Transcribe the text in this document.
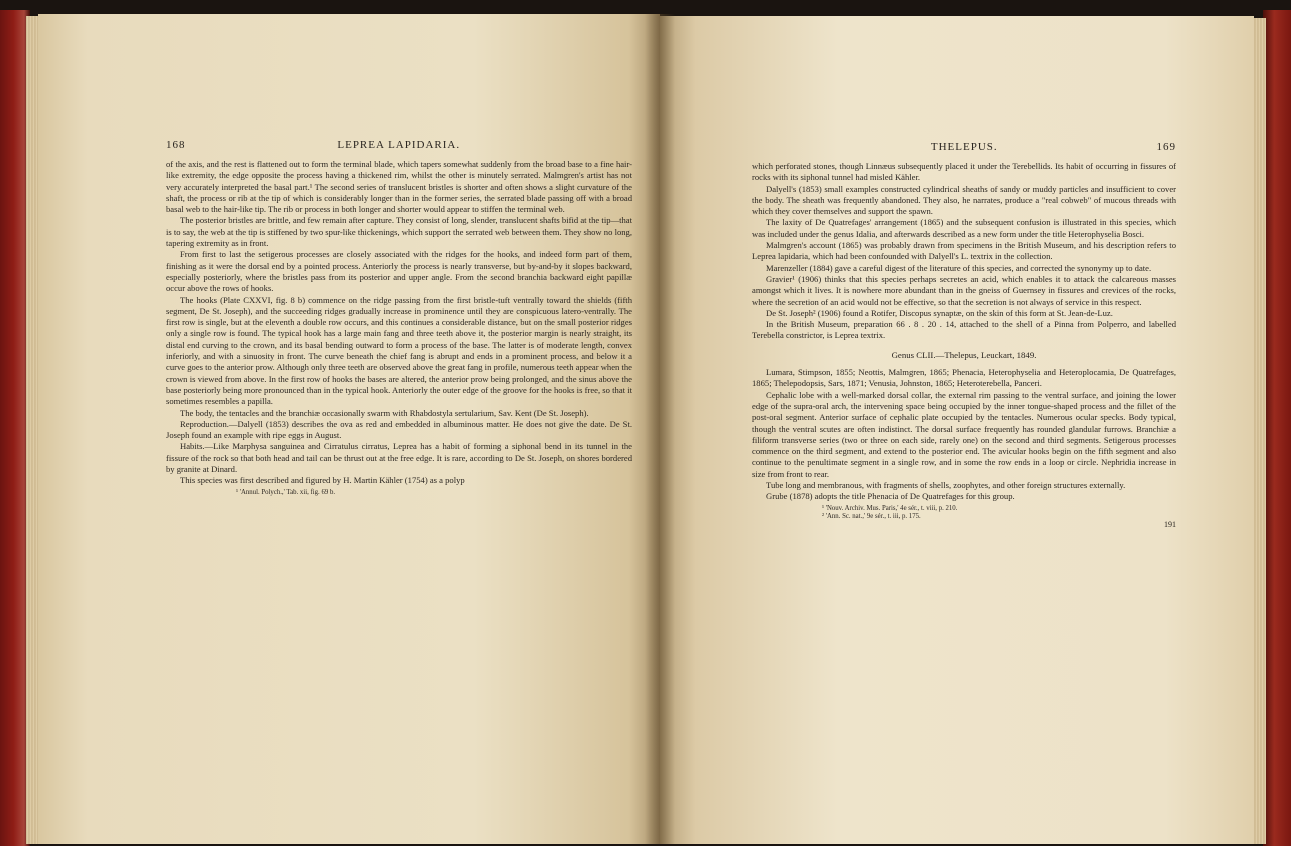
168	LEPREA LAPIDARIA.

of the axis, and the rest is flattened out to form the terminal blade, which tapers somewhat suddenly from the broad base to a fine hair-like extremity, the edge opposite the process having a thickened rim, whilst the other is minutely serrated. Malmgren's artist has not very accurately interpreted the basal part.¹ The second series of translucent bristles is shorter and often shows a slight curvature of the shaft, the process or rib at the tip of which is considerably longer than in the former series, the serrated blade passing off with a broad basal web to the hair-like tip. The rib or process in both longer and shorter would appear to stiffen the terminal web.

The posterior bristles are brittle, and few remain after capture. They consist of long, slender, translucent shafts bifid at the tip—that is to say, the web at the tip is stiffened by two spur-like thickenings, which support the serrated web between them. They show no long, tapering extremity as in front.

From first to last the setigerous processes are closely associated with the ridges for the hooks, and indeed form part of them, finishing as it were the dorsal end by a pointed process. Anteriorly the process is nearly transverse, but by-and-by it slopes backward, especially posteriorly, where the bristles pass from its posterior and upper angle. From the second branchia backward eight papillæ occur above the rows of hooks.

The hooks (Plate CXXVI, fig. 8 b) commence on the ridge passing from the first bristle-tuft ventrally toward the shields (fifth segment, De St. Joseph), and the succeeding ridges gradually increase in prominence until they are conspicuous latero-ventrally. The first row is single, but at the eleventh a double row occurs, and this continues a considerable distance, but on the small posterior ridges only a single row is found. The typical hook has a large main fang and three teeth above it, the posterior margin is nearly straight, its distal end curving to the crown, and its basal bending outward to form a process of the base. The latter is of moderate length, convex inferiorly, and with a sinuosity in front. The curve beneath the chief fang is abrupt and ends in a prominent process, and below it a curve goes to the anterior prow. Although only three teeth are observed above the great fang in profile, numerous teeth appear when the crown is viewed from above. In the first row of hooks the bases are altered, the anterior prow being prolonged, and the sinus above the base posteriorly being more pronounced than in the typical hook. Anteriorly the outer edge of the groove for the hooks is free, so that it sometimes resembles a papilla.

The body, the tentacles and the branchiæ occasionally swarm with Rhabdostyla sertularium, Sav. Kent (De St. Joseph).

Reproduction.—Dalyell (1853) describes the ova as red and embedded in albuminous matter. He does not give the date. De St. Joseph found an example with ripe eggs in August.

Habits.—Like Marphysa sanguinea and Cirratulus cirratus, Leprea has a habit of forming a siphonal bend in its tunnel in the fissure of the rock so that both head and tail can be thrust out at the free edge. It is rare, according to De St. Joseph, on shores bordered by granite at Dinard.

This species was first described and figured by H. Martin Kähler (1754) as a polyp

¹ 'Annul. Polych.,' Tab. xii, fig. 69 b.
THELEPUS.	169

which perforated stones, though Linnæus subsequently placed it under the Terebellids. Its habit of occurring in fissures of rocks with its siphonal tunnel had misled Kähler.

Dalyell's (1853) small examples constructed cylindrical sheaths of sandy or muddy particles and insufficient to cover the body. The sheath was frequently abandoned. They also, he narrates, produce a "real cobweb" of mucous threads with which they cover themselves and support the spawn.

The laxity of De Quatrefages' arrangement (1865) and the subsequent confusion is illustrated in this species, which was included under the genus Idalia, and afterwards described as a new form under the title Heterophyselia Bosci.

Malmgren's account (1865) was probably drawn from specimens in the British Museum, and his description refers to Leprea lapidaria, which had been confounded with Dalyell's L. textrix in the collection.

Marenzeller (1884) gave a careful digest of the literature of this species, and corrected the synonymy up to date.

Gravier¹ (1906) thinks that this species perhaps secretes an acid, which enables it to attack the calcareous masses amongst which it lives. It is nowhere more abundant than in the gneiss of Guernsey in fissures and crevices of the rocks, where the secretion of an acid would not be effective, so that the secretion is not always of service in this respect.

De St. Joseph² (1906) found a Rotifer, Discopus synaptæ, on the skin of this form at St. Jean-de-Luz.

In the British Museum, preparation 66 . 8 . 20 . 14, attached to the shell of a Pinna from Polperro, and labelled Terebella constrictor, is Leprea textrix.

Genus CLII.—Thelepus, Leuckart, 1849.

Lumara, Stimpson, 1855; Neottis, Malmgren, 1865; Phenacia, Heterophyselia and Heteroplocamia, De Quatrefages, 1865; Thelepodopsis, Sars, 1871; Venusia, Johnston, 1865; Heteroterebella, Panceri.

Cephalic lobe with a well-marked dorsal collar, the external rim passing to the ventral surface, and joining the lower edge of the supra-oral arch, the intervening space being occupied by the inner tongue-shaped process and the fillet of the post-oral segment. Anterior surface of cephalic plate occupied by the tentacles. Numerous ocular specks. Body typical, though the ventral scutes are often indistinct. The dorsal surface frequently has rounded glandular furrows. Branchiæ a filiform transverse series (two or three on each side, rarely one) on the second and third segments. Setigerous processes commence on the third segment, and extend to the posterior end. The avicular hooks begin on the fifth segment and also continue to the penultimate segment in a single row, and in some the row ends in a loop or circle. Nephridia increase in size from front to rear.

Tube long and membranous, with fragments of shells, zoophytes, and other foreign structures externally.

Grube (1878) adopts the title Phenacia of De Quatrefages for this group.

¹ 'Nouv. Archiv. Mus. Paris,' 4e sér., t. viii, p. 210.
² 'Ann. Sc. nat.,' 9e sér., t. iii, p. 175.
191
